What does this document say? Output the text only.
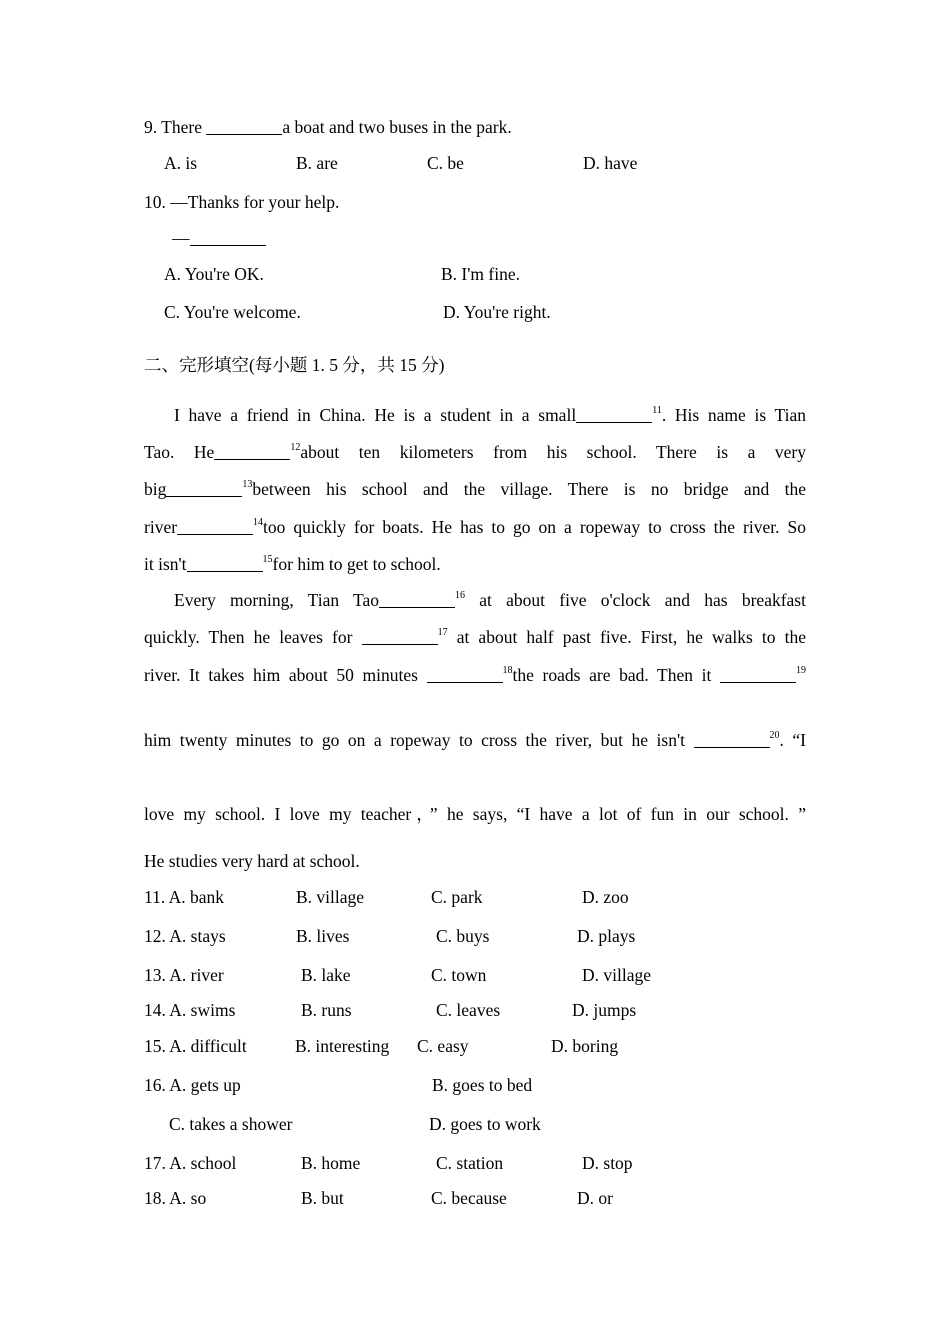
9. There	a boat and two buses in the park.
A. is	B. are	C. be	D. have
10. —Thanks for your help.
—
A. You're OK.	B. I'm fine.
C. You're welcome.	D. You're right.
二、完形填空(每小题 1. 5 分，共 15 分)
I have a friend in China. He is a student in a small	$^{11}$. His name is Tian
Tao. He	$^{12}$about ten kilometers from his school. There is a very
big	$^{13}$between his school and the village. There is no bridge and the
river	$^{14}$too quickly for boats. He has to go on a ropeway to cross the river. So
it isn't	$^{15}$for him to get to school.
Every morning, Tian Tao	$^{16}$ at about five o'clock and has breakfast
quickly. Then he leaves for	$^{17}$ at about half past five. First, he walks to the
river. It takes him about 50 minutes	$^{18}$the roads are bad. Then it	$^{19}$
him twenty minutes to go on a ropeway to cross the river, but he isn't	$^{20}$. “I
love my school. I love my teacher，” he says, “I have a lot of fun in our school. ”
He studies very hard at school.
11. A. bank	B. village	C. park	D. zoo
12. A. stays	B. lives	C. buys	D. plays
13. A. river	B. lake	C. town	D. village
14. A. swims	B. runs	C. leaves	D. jumps
15. A. difficult	B. interesting C. easy	D. boring
16. A. gets up	B. goes to bed
C. takes a shower	D. goes to work
17. A. school	B. home	C. station	D. stop
18. A. so	B. but	C. because	D. or
